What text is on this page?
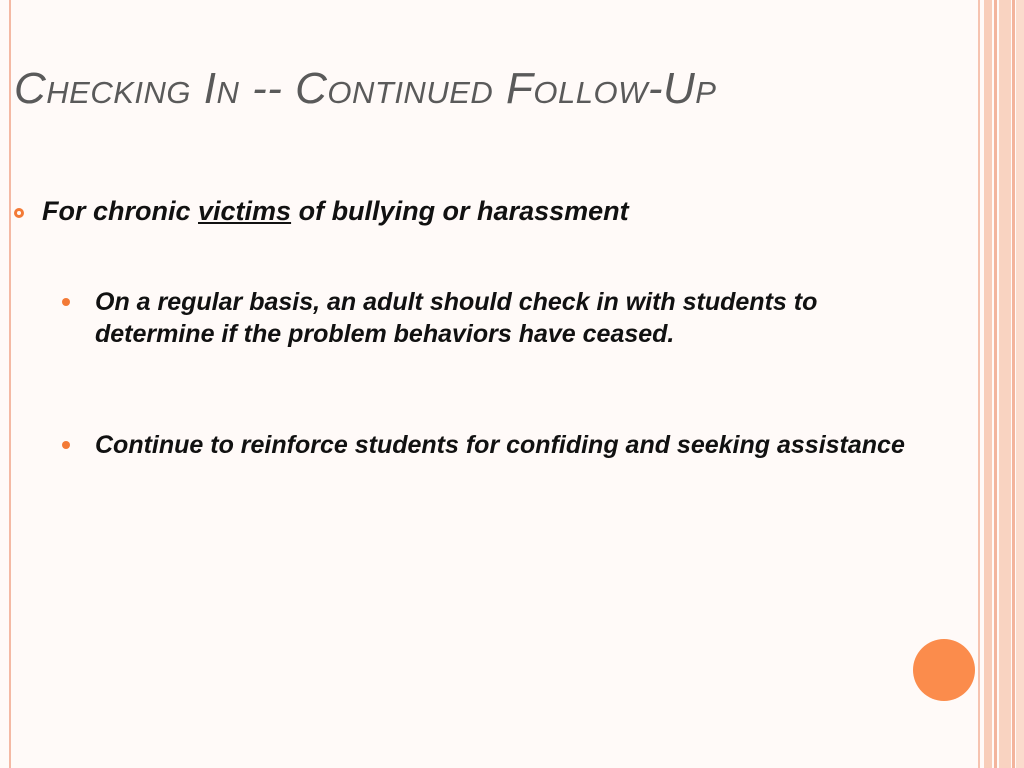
Checking In -- Continued Follow-Up
For chronic victims of bullying or harassment
On a regular basis, an adult should check in with students to determine if the problem behaviors have ceased.
Continue to reinforce students for confiding and seeking assistance
